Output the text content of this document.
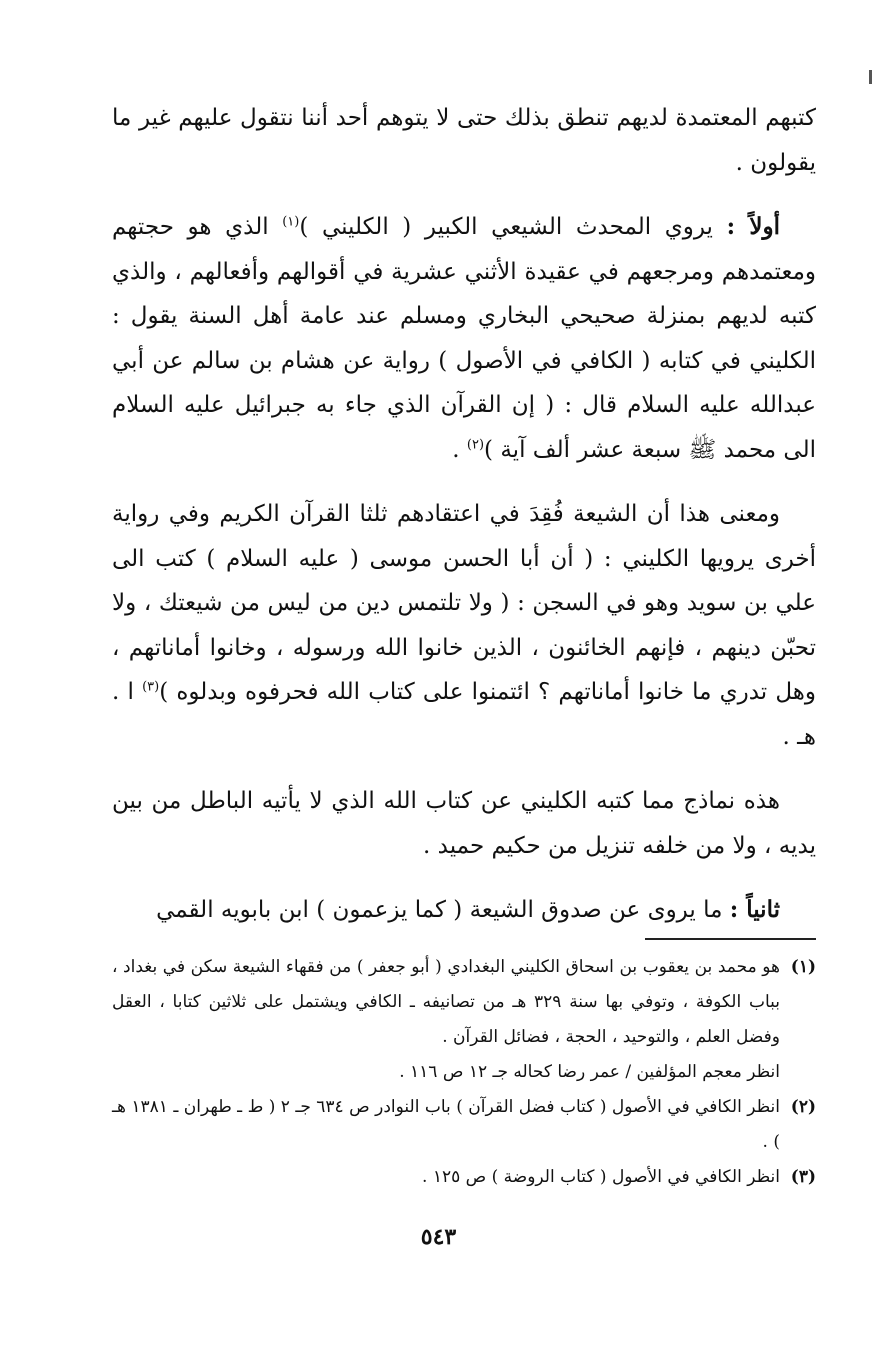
كتبهم المعتمدة لديهم تنطق بذلك حتى لا يتوهم أحد أننا نتقول عليهم غير ما يقولون .

أولاً : يروي المحدث الشيعي الكبير ( الكليني )$^{(١)}$ الذي هو حجتهم ومعتمدهم ومرجعهم في عقيدة الأثني عشرية في أقوالهم وأفعالهم ، والذي كتبه لديهم بمنزلة صحيحي البخاري ومسلم عند عامة أهل السنة يقول : الكليني في كتابه ( الكافي في الأصول ) رواية عن هشام بن سالم عن أبي عبدالله عليه السلام قال : ( إن القرآن الذي جاء به جبرائيل عليه السلام الى محمد ﷺ سبعة عشر ألف آية )$^{(٢)}$ .

ومعنى هذا أن الشيعة فُقِدَ في اعتقادهم ثلثا القرآن الكريم وفي رواية أخرى يرويها الكليني : ( أن أبا الحسن موسى ( عليه السلام ) كتب الى علي بن سويد وهو في السجن : ( ولا تلتمس دين من ليس من شيعتك ، ولا تحبّن دينهم ، فإنهم الخائنون ، الذين خانوا الله ورسوله ، وخانوا أماناتهم ، وهل تدري ما خانوا أماناتهم ؟ ائتمنوا على كتاب الله فحرفوه وبدلوه )$^{(٣)}$ ا . هـ .

هذه نماذج مما كتبه الكليني عن كتاب الله الذي لا يأتيه الباطل من بين يديه ، ولا من خلفه تنزيل من حكيم حميد .

ثانياً : ما يروى عن صدوق الشيعة ( كما يزعمون ) ابن بابويه القمي

(١)
هو محمد بن يعقوب بن اسحاق الكليني البغدادي ( أبو جعفر ) من فقهاء الشيعة سكن في بغداد ، بباب الكوفة ، وتوفي بها سنة ٣٢٩ هـ من تصانيفه ـ الكافي ويشتمل على ثلاثين كتابا ، العقل وفضل العلم ، والتوحيد ، الحجة ، فضائل القرآن .
انظر معجم المؤلفين / عمر رضا كحاله جـ ١٢ ص ١١٦ .
(٢)
انظر الكافي في الأصول ( كتاب فضل القرآن ) باب النوادر ص ٦٣٤ جـ ٢ ( ط ـ طهران ـ ١٣٨١ هـ ) .
(٣)
انظر الكافي في الأصول ( كتاب الروضة ) ص ١٢٥ .
٥٤٣
